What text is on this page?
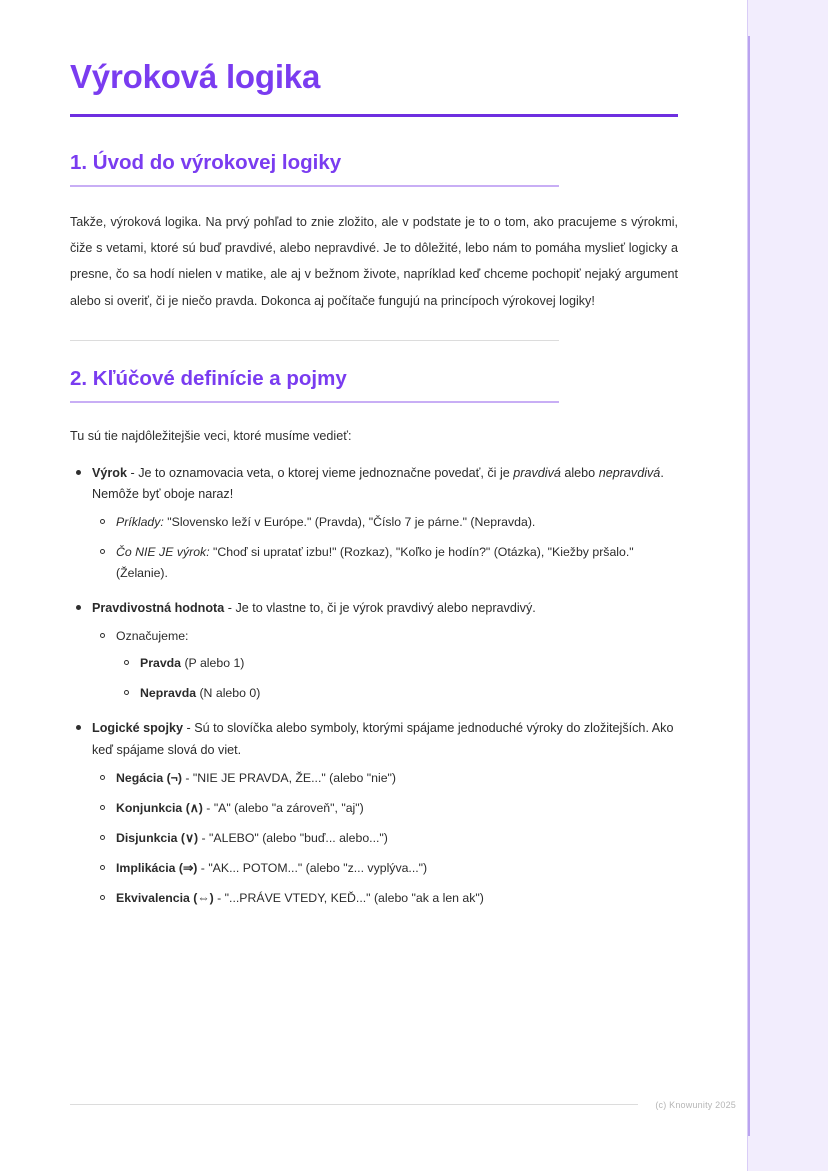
Výroková logika
1. Úvod do výrokovej logiky

Takže, výroková logika. Na prvý pohľad to znie zložito, ale v podstate je to o tom, ako pracujeme s výrokmi, čiže s vetami, ktoré sú buď pravdivé, alebo nepravdivé. Je to dôležité, lebo nám to pomáha myslieť logicky a presne, čo sa hodí nielen v matike, ale aj v bežnom živote, napríklad keď chceme pochopiť nejaký argument alebo si overiť, či je niečo pravda. Dokonca aj počítače fungujú na princípoch výrokovej logiky!

2. Kľúčové definície a pojmy

Tu sú tie najdôležitejšie veci, ktoré musíme vedieť:

Výrok - Je to oznamovacia veta, o ktorej vieme jednoznačne povedať, či je pravdivá alebo nepravdivá. Nemôže byť oboje naraz!
Príklady: "Slovensko leží v Európe." (Pravda), "Číslo 7 je párne." (Nepravda).
Čo NIE JE výrok: "Choď si upratať izbu!" (Rozkaz), "Koľko je hodín?" (Otázka), "Kiežby pršalo." (Želanie).
Pravdivostná hodnota - Je to vlastne to, či je výrok pravdivý alebo nepravdivý.
Označujeme:
Pravda (P alebo 1)
Nepravda (N alebo 0)
Logické spojky - Sú to slovíčka alebo symboly, ktorými spájame jednoduché výroky do zložitejších. Ako keď spájame slová do viet.
Negácia (¬) - "NIE JE PRAVDA, ŽE..." (alebo "nie")
Konjunkcia (∧) - "A" (alebo "a zároveň", "aj")
Disjunkcia (∨) - "ALEBO" (alebo "buď... alebo...")
Implikácia (⇒) - "AK... POTOM..." (alebo "z... vyplýva...")
Ekvivalencia (⇔) - "...PRÁVE VTEDY, KEĎ..." (alebo "ak a len ak")
(c) Knowunity 2025
